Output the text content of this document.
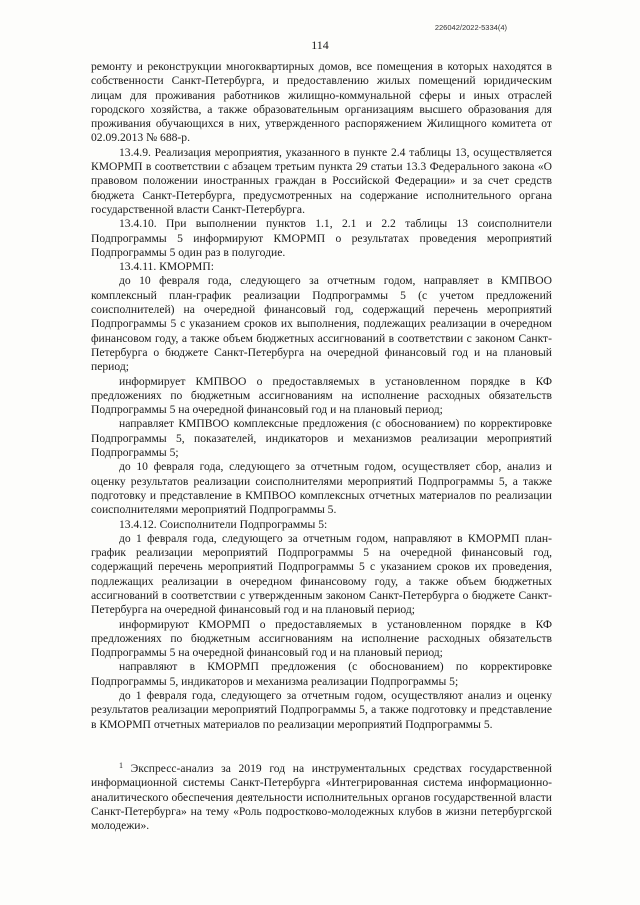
226042/2022-5334(4)
114

ремонту и реконструкции многоквартирных домов, все помещения в которых находятся в собственности Санкт-Петербурга, и предоставлению жилых помещений юридическим лицам для проживания работников жилищно-коммунальной сферы и иных отраслей городского хозяйства, а также образовательным организациям высшего образования для проживания обучающихся в них, утвержденного распоряжением Жилищного комитета от 02.09.2013 № 688-р.

13.4.9. Реализация мероприятия, указанного в пункте 2.4 таблицы 13, осуществляется КМОРМП в соответствии с абзацем третьим пункта 29 статьи 13.3 Федерального закона «О правовом положении иностранных граждан в Российской Федерации» и за счет средств бюджета Санкт-Петербурга, предусмотренных на содержание исполнительного органа государственной власти Санкт-Петербурга.

13.4.10. При выполнении пунктов 1.1, 2.1 и 2.2 таблицы 13 соисполнители Подпрограммы 5 информируют КМОРМП о результатах проведения мероприятий Подпрограммы 5 один раз в полугодие.

13.4.11. КМОРМП:

до 10 февраля года, следующего за отчетным годом, направляет в КМПВОО комплексный план-график реализации Подпрограммы 5 (с учетом предложений соисполнителей) на очередной финансовый год, содержащий перечень мероприятий Подпрограммы 5 с указанием сроков их выполнения, подлежащих реализации в очередном финансовом году, а также объем бюджетных ассигнований в соответствии с законом Санкт-Петербурга о бюджете Санкт-Петербурга на очередной финансовый год и на плановый период;

информирует КМПВОО о предоставляемых в установленном порядке в КФ предложениях по бюджетным ассигнованиям на исполнение расходных обязательств Подпрограммы 5 на очередной финансовый год и на плановый период;

направляет КМПВОО комплексные предложения (с обоснованием) по корректировке Подпрограммы 5, показателей, индикаторов и механизмов реализации мероприятий Подпрограммы 5;

до 10 февраля года, следующего за отчетным годом, осуществляет сбор, анализ и оценку результатов реализации соисполнителями мероприятий Подпрограммы 5, а также подготовку и представление в КМПВОО комплексных отчетных материалов по реализации соисполнителями мероприятий Подпрограммы 5.

13.4.12. Соисполнители Подпрограммы 5:

до 1 февраля года, следующего за отчетным годом, направляют в КМОРМП план-график реализации мероприятий Подпрограммы 5 на очередной финансовый год, содержащий перечень мероприятий Подпрограммы 5 с указанием сроков их проведения, подлежащих реализации в очередном финансовому году, а также объем бюджетных ассигнований в соответствии с утвержденным законом Санкт-Петербурга о бюджете Санкт-Петербурга на очередной финансовый год и на плановый период;

информируют КМОРМП о предоставляемых в установленном порядке в КФ предложениях по бюджетным ассигнованиям на исполнение расходных обязательств Подпрограммы 5 на очередной финансовый год и на плановый период;

направляют в КМОРМП предложения (с обоснованием) по корректировке Подпрограммы 5, индикаторов и механизма реализации Подпрограммы 5;

до 1 февраля года, следующего за отчетным годом, осуществляют анализ и оценку результатов реализации мероприятий Подпрограммы 5, а также подготовку и представление в КМОРМП отчетных материалов по реализации мероприятий Подпрограммы 5.

$^1$ Экспресс-анализ за 2019 год на инструментальных средствах государственной информационной системы Санкт-Петербурга «Интегрированная система информационно-аналитического обеспечения деятельности исполнительных органов государственной власти Санкт-Петербурга» на тему «Роль подростково-молодежных клубов в жизни петербургской молодежи».
